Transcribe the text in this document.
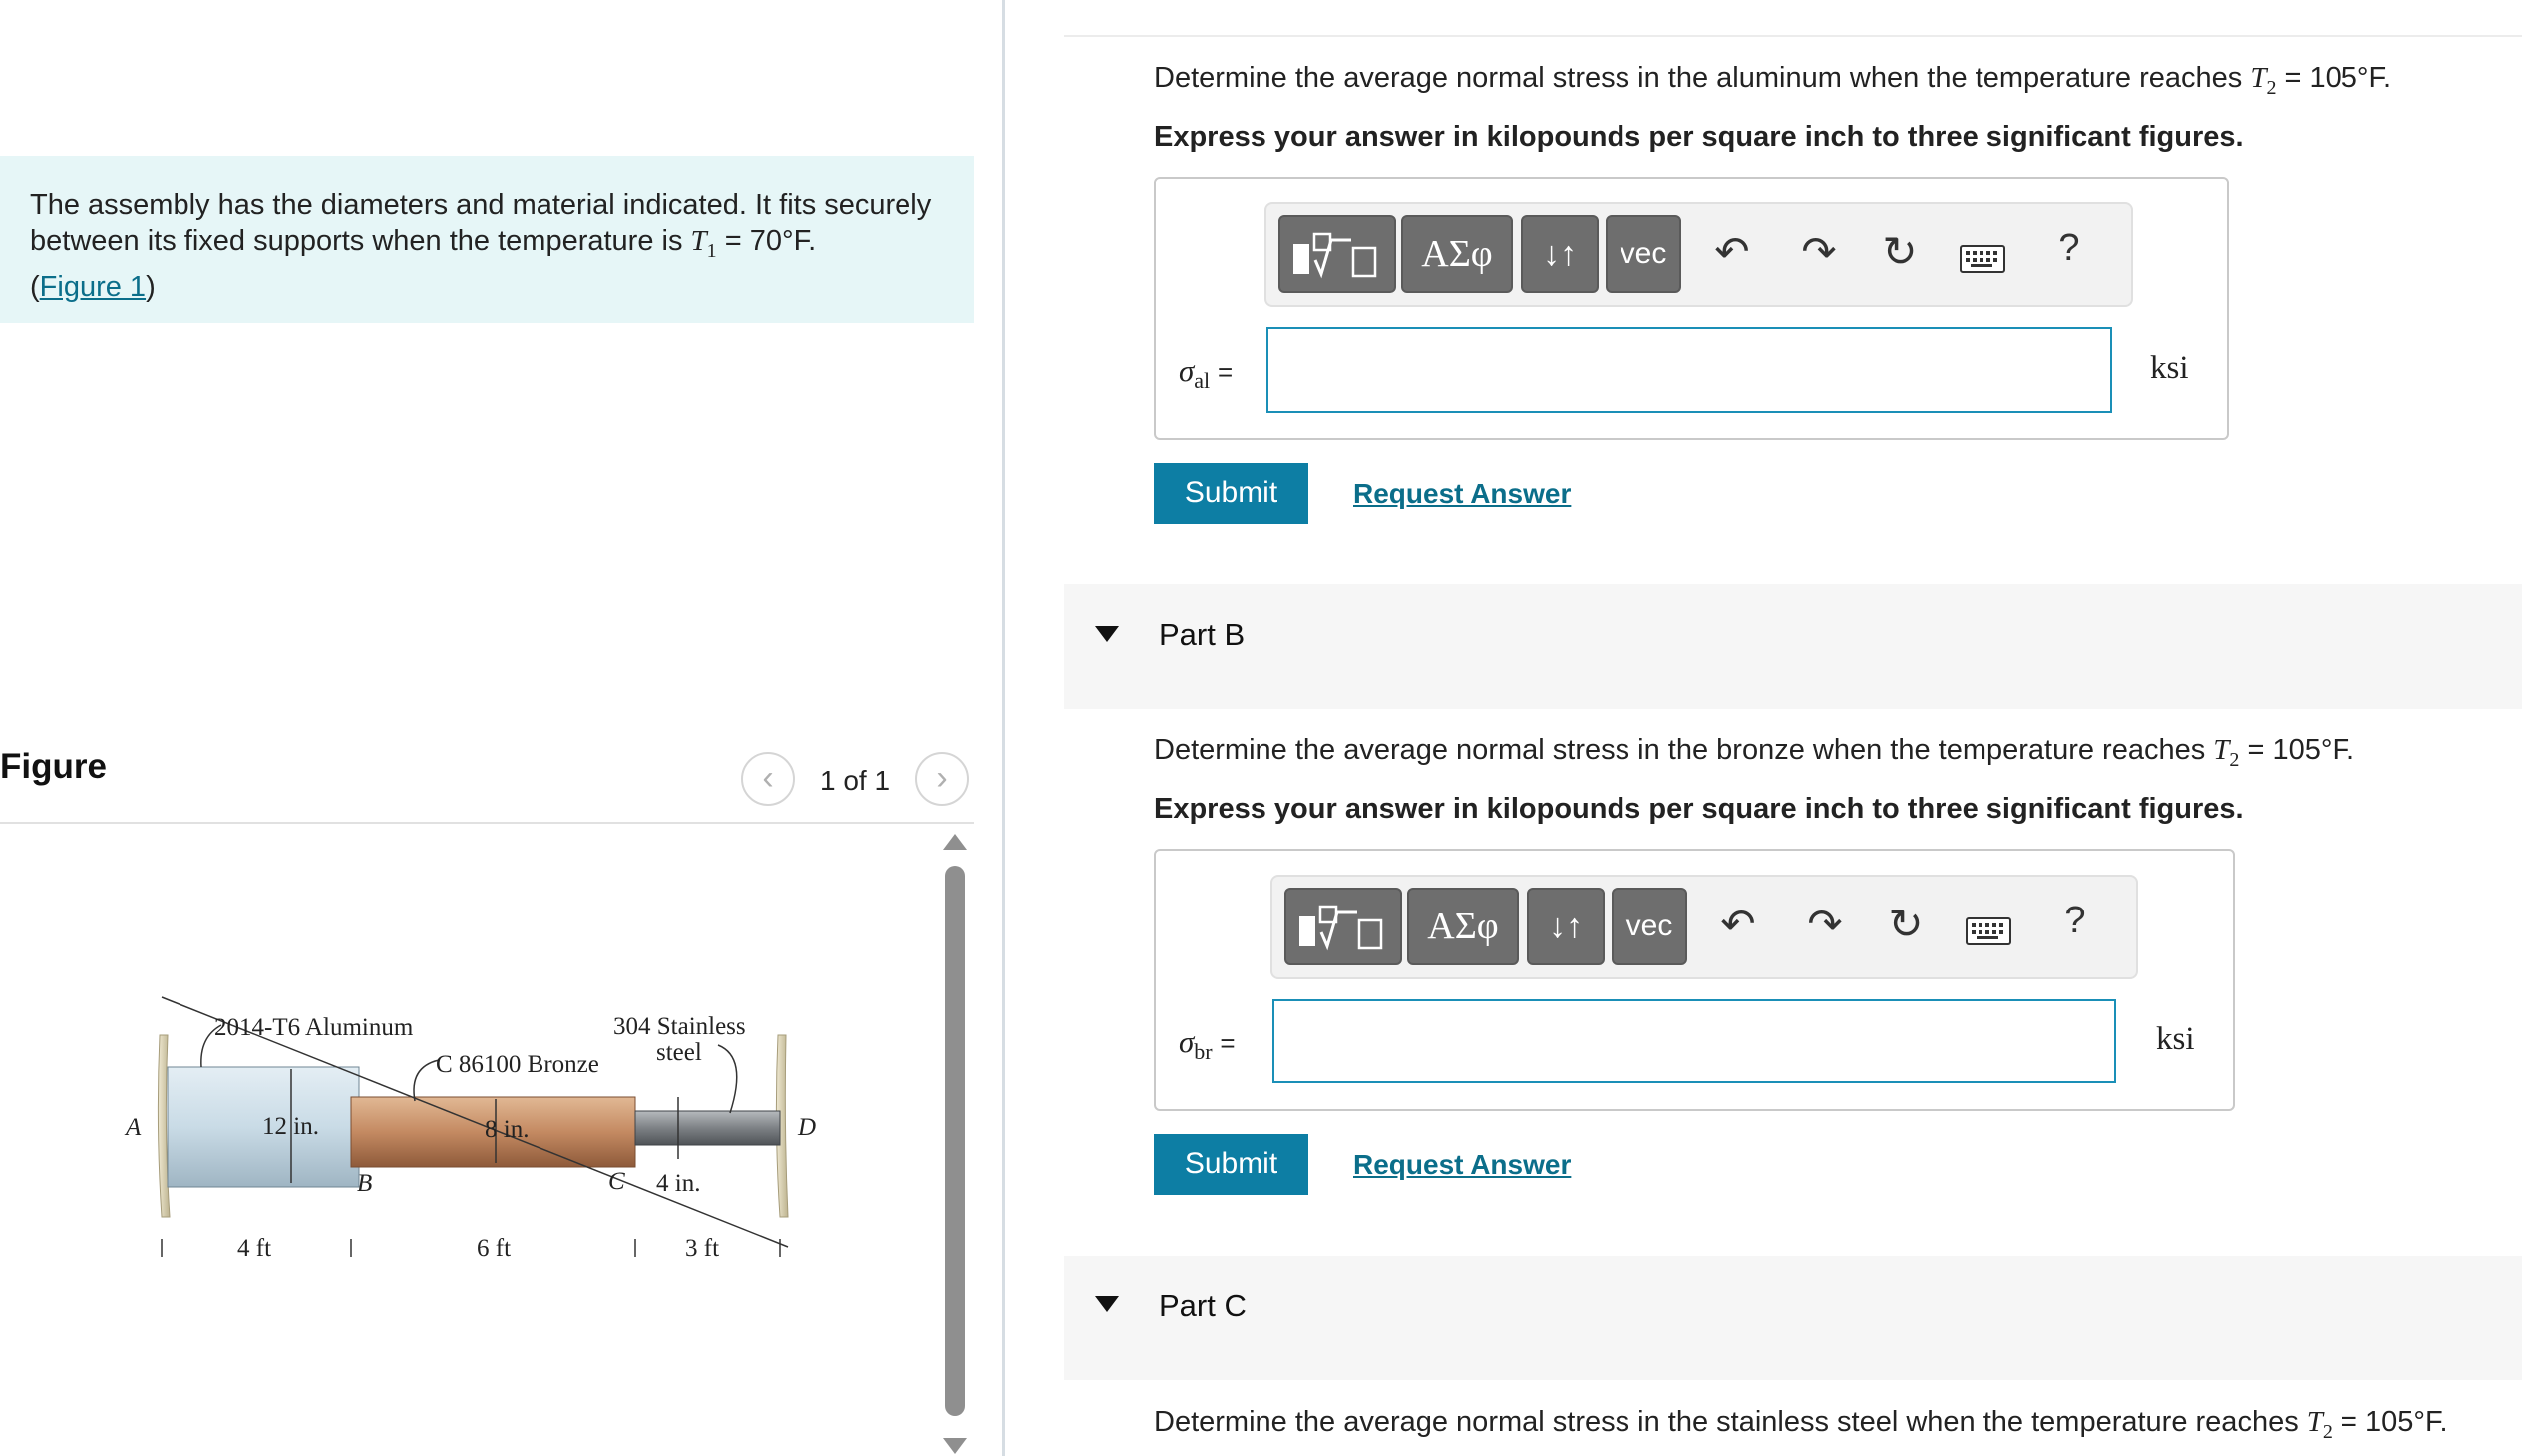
The assembly has the diameters and material indicated. It fits securely between its fixed supports when the temperature is $T_1 = 70^\circ F$.
(Figure 1)
Figure	‹	1 of 1	›
2014-T6 Aluminum
C 86100 Bronze
304 Stainless
steel
A
B	C
D
12 in.	8 in.
4 in.
4 ft	6 ft	3 ft
Determine the average normal stress in the aluminum when the temperature reaches $T_2 = 105^\circ F$.
Express your answer in kilopounds per square inch to three significant figures.
ΑΣφ	↓↑	vec	↶ ↷ ↻	?
$\sigma_{al}$ =	ksi
Submit	Request Answer
Part B
Determine the average normal stress in the bronze when the temperature reaches $T_2 = 105^\circ F$.
Express your answer in kilopounds per square inch to three significant figures.
ΑΣφ	↓↑	vec	↶ ↷ ↻	?
$\sigma_{br}$ =	ksi
Submit	Request Answer
Part C
Determine the average normal stress in the stainless steel when the temperature reaches $T_2 = 105^\circ F$.
